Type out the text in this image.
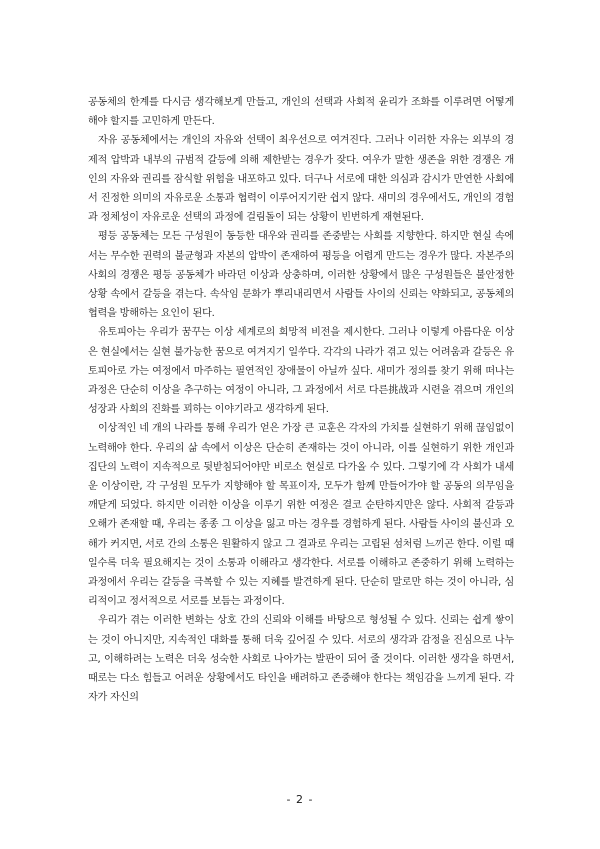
공동체의 한계를 다시금 생각해보게 만들고, 개인의 선택과 사회적 윤리가 조화를 이루려면 어떻게 해야 할지를 고민하게 만든다.

자유 공동체에서는 개인의 자유와 선택이 최우선으로 여겨진다. 그러나 이러한 자유는 외부의 경제적 압박과 내부의 규범적 갈등에 의해 제한받는 경우가 잦다. 여우가 말한 생존을 위한 경쟁은 개인의 자유와 권리를 잠식할 위험을 내포하고 있다. 더구나 서로에 대한 의심과 감시가 만연한 사회에서 진정한 의미의 자유로운 소통과 협력이 이루어지기란 쉽지 않다. 새미의 경우에서도, 개인의 경험과 정체성이 자유로운 선택의 과정에 걸림돌이 되는 상황이 빈번하게 재현된다.

평등 공동체는 모든 구성원이 동등한 대우와 권리를 존중받는 사회를 지향한다. 하지만 현실 속에서는 무수한 권력의 불균형과 자본의 압박이 존재하여 평등을 어렵게 만드는 경우가 많다. 자본주의 사회의 경쟁은 평등 공동체가 바라던 이상과 상충하며, 이러한 상황에서 많은 구성원들은 불안정한 상황 속에서 갈등을 겪는다. 속삭임 문화가 뿌리내리면서 사람들 사이의 신뢰는 약화되고, 공동체의 협력을 방해하는 요인이 된다.

유토피아는 우리가 꿈꾸는 이상 세계로의 희망적 비전을 제시한다. 그러나 이렇게 아름다운 이상은 현실에서는 실현 불가능한 꿈으로 여겨지기 일쑤다. 각각의 나라가 겪고 있는 어려움과 갈등은 유토피아로 가는 여정에서 마주하는 필연적인 장애물이 아닐까 싶다. 새미가 정의를 찾기 위해 떠나는 과정은 단순히 이상을 추구하는 여정이 아니라, 그 과정에서 서로 다른挑战과 시련을 겪으며 개인의 성장과 사회의 진화를 꾀하는 이야기라고 생각하게 된다.

이상적인 네 개의 나라를 통해 우리가 얻은 가장 큰 교훈은 각자의 가치를 실현하기 위해 끊임없이 노력해야 한다. 우리의 삶 속에서 이상은 단순히 존재하는 것이 아니라, 이를 실현하기 위한 개인과 집단의 노력이 지속적으로 뒷받침되어야만 비로소 현실로 다가올 수 있다. 그렇기에 각 사회가 내세운 이상이란, 각 구성원 모두가 지향해야 할 목표이자, 모두가 함께 만들어가야 할 공동의 의무임을 깨닫게 되었다. 하지만 이러한 이상을 이루기 위한 여정은 결코 순탄하지만은 않다. 사회적 갈등과 오해가 존재할 때, 우리는 종종 그 이상을 잃고 마는 경우를 경험하게 된다. 사람들 사이의 불신과 오해가 커지면, 서로 간의 소통은 원활하지 않고 그 결과로 우리는 고립된 섬처럼 느끼곤 한다. 이럴 때일수록 더욱 필요해지는 것이 소통과 이해라고 생각한다. 서로를 이해하고 존중하기 위해 노력하는 과정에서 우리는 갈등을 극복할 수 있는 지혜를 발견하게 된다. 단순히 말로만 하는 것이 아니라, 심리적이고 정서적으로 서로를 보듬는 과정이다.

우리가 겪는 이러한 변화는 상호 간의 신뢰와 이해를 바탕으로 형성될 수 있다. 신뢰는 쉽게 쌓이는 것이 아니지만, 지속적인 대화를 통해 더욱 깊어질 수 있다. 서로의 생각과 감정을 진심으로 나누고, 이해하려는 노력은 더욱 성숙한 사회로 나아가는 발판이 되어 줄 것이다. 이러한 생각을 하면서, 때로는 다소 힘들고 어려운 상황에서도 타인을 배려하고 존중해야 한다는 책임감을 느끼게 된다. 각자가 자신의

- 2 -
